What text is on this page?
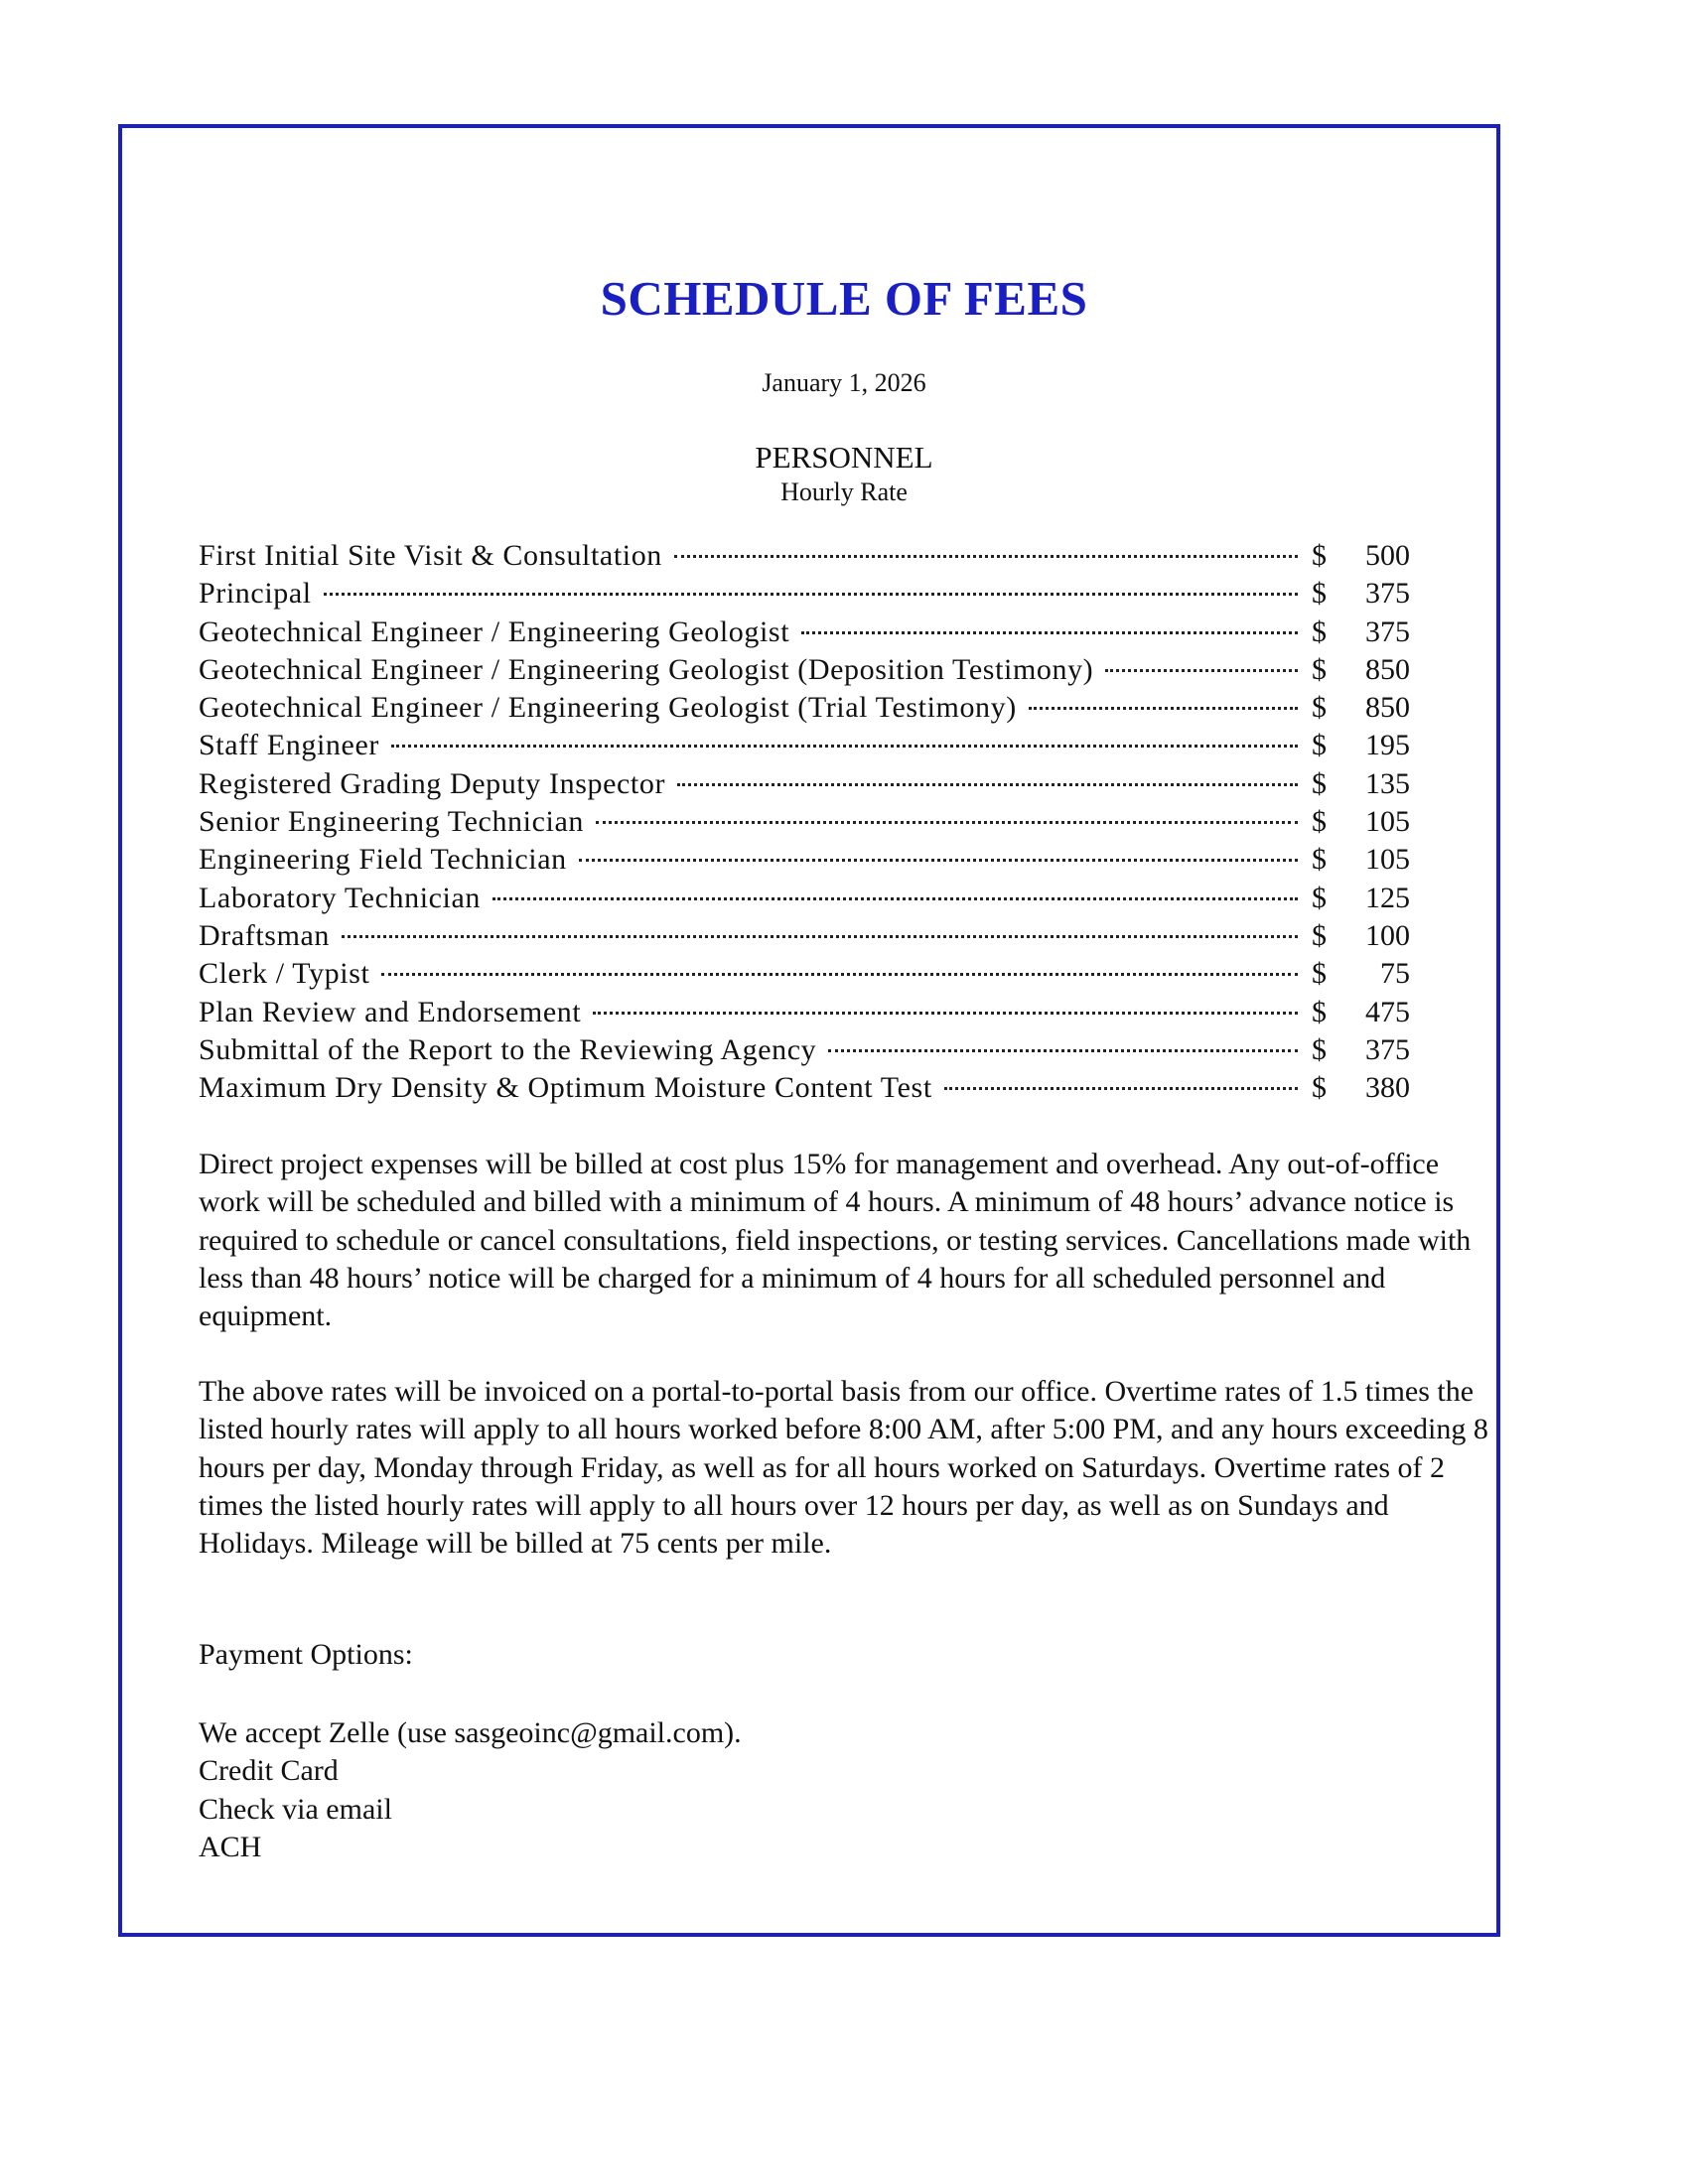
SCHEDULE OF FEES
January 1, 2026
PERSONNEL
Hourly Rate
First Initial Site Visit & Consultation	$	500
Principal	$	375
Geotechnical Engineer / Engineering Geologist	$	375
Geotechnical Engineer / Engineering Geologist (Deposition Testimony)	$	850
Geotechnical Engineer / Engineering Geologist (Trial Testimony)	$	850
Staff Engineer	$	195
Registered Grading Deputy Inspector	$	135
Senior Engineering Technician	$	105
Engineering Field Technician	$	105
Laboratory Technician	$	125
Draftsman	$	100
Clerk / Typist	$	75
Plan Review and Endorsement	$	475
Submittal of the Report to the Reviewing Agency	$	375
Maximum Dry Density & Optimum Moisture Content Test	$	380

Direct project expenses will be billed at cost plus 15% for management and overhead. Any out-of-office work will be scheduled and billed with a minimum of 4 hours. A minimum of 48 hours’ advance notice is required to schedule or cancel consultations, field inspections, or testing services. Cancellations made with less than 48 hours’ notice will be charged for a minimum of 4 hours for all scheduled personnel and equipment.

The above rates will be invoiced on a portal-to-portal basis from our office. Overtime rates of 1.5 times the listed hourly rates will apply to all hours worked before 8:00 AM, after 5:00 PM, and any hours exceeding 8 hours per day, Monday through Friday, as well as for all hours worked on Saturdays. Overtime rates of 2 times the listed hourly rates will apply to all hours over 12 hours per day, as well as on Sundays and Holidays. Mileage will be billed at 75 cents per mile.

Payment Options:
We accept Zelle (use sasgeoinc@gmail.com).
Credit Card
Check via email
ACH
